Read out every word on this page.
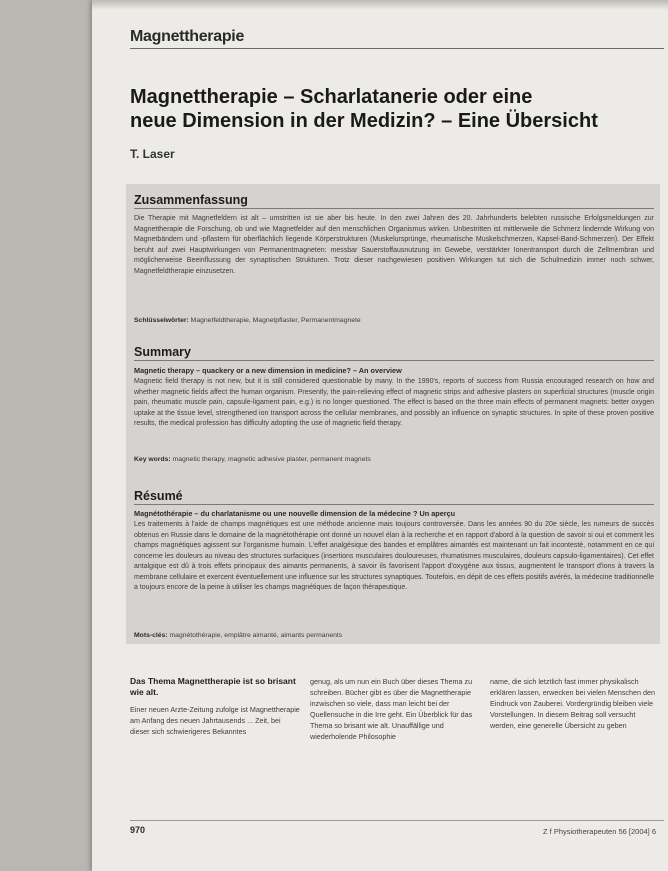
Magnettherapie
Magnettherapie – Scharlatanerie oder eine
neue Dimension in der Medizin? – Eine Übersicht
T. Laser
Zusammenfassung
Die Therapie mit Magnetfeldern ist alt – umstritten ist sie aber bis heute. In den zwei Jahren des 20. Jahrhunderts belebten russische Erfolgsmeldungen zur Magnettherapie die Forschung, ob und wie Magnetfelder auf den menschlichen Organismus wirken. Unbestritten ist mittlerweile die Schmerz lindernde Wirkung von Magnetbändern und -pflastern für oberflächlich liegende Körperstrukturen (Muskelursprünge, rheumatische Muskelschmerzen, Kapsel-Band-Schmerzen). Der Effekt beruht auf zwei Hauptwirkungen von Permanentmagneten: messbar Sauerstoffausnutzung im Gewebe, verstärkter Ionentransport durch die Zellmembran und möglicherweise Beeinflussung der synaptischen Strukturen. Trotz dieser nachgewiesen positiven Wirkungen tut sich die Schulmedizin immer noch schwer, Magnetfeldtherapie einzusetzen.
Schlüsselwörter: Magnetfeldtherapie, Magnetpflaster, Permanentmagnete
Summary
Magnetic therapy – quackery or a new dimension in medicine? – An overview
Magnetic field therapy is not new, but it is still considered questionable by many. In the 1990's, reports of success from Russia encouraged research on how and whether magnetic fields affect the human organism. Presently, the pain-relieving effect of magnetic strips and adhesive plasters on superficial structures (muscle origin pain, rheumatic muscle pain, capsule-ligament pain, e.g.) is no longer questioned. The effect is based on the three main effects of permanent magnets: better oxygen uptake at the tissue level, strengthened ion transport across the cellular membranes, and possibly an influence on synaptic structures. In spite of these proven positive results, the medical profession has difficulty adopting the use of magnetic field therapy.
Key words: magnetic therapy, magnetic adhesive plaster, permanent magnets
Résumé
Magnétothérapie – du charlatanisme ou une nouvelle dimension de la médecine ? Un aperçu
Les traitements à l'aide de champs magnétiques est une méthode ancienne mais toujours controversée. Dans les années 90 du 20e siècle, les rumeurs de succès obtenus en Russie dans le domaine de la magnétothérapie ont donné un nouvel élan à la recherche et en rapport d'abord à la question de savoir si oui et comment les champs magnétiques agissent sur l'organisme humain. L'effet analgésique des bandes et emplâtres aimantés est maintenant un fait incontesté, notamment en ce qui concerne les douleurs au niveau des structures surfaciques (insertions musculaires douloureuses, rhumatismes musculaires, douleurs capsulo-ligamentaires). Cet effet antalgique est dû à trois effets principaux des aimants permanents, à savoir ils favorisent l'apport d'oxygène aux tissus, augmentent le transport d'ions à travers la membrane cellulaire et exercent éventuellement une influence sur les structures synaptiques. Toutefois, en dépit de ces effets positifs avérés, la médecine traditionnelle a toujours encore de la peine à utiliser les champs magnétiques de façon thérapeutique.
Mots-clés: magnétothérapie, emplâtre aimanté, aimants permanents
Das Thema Magnettherapie ist so brisant wie alt.
Einer neuen Arzte-Zeitung zufolge ist Magnettherapie am Anfang des neuen Jahrtausends ... Zeit, bei dieser sich schwierigeres Bekanntes
genug, als um nun ein Buch über dieses Thema zu schreiben. Bücher gibt es über die Magnettherapie inzwischen so viele, dass man leicht bei der Quellensuche in die Irre geht. Ein Überblick für das Thema so brisant wie alt. Unauffällige und wiederholende Philosophie
name, die sich letztlich fast immer physikalisch erklären lassen, erwecken bei vielen Menschen den Eindruck von Zauberei. Vordergründig bleiben viele Vorstellungen. In diesem Beitrag soll versucht werden, eine generelle Übersicht zu geben
970	Z f Physiotherapeuten 56 [2004] 6
